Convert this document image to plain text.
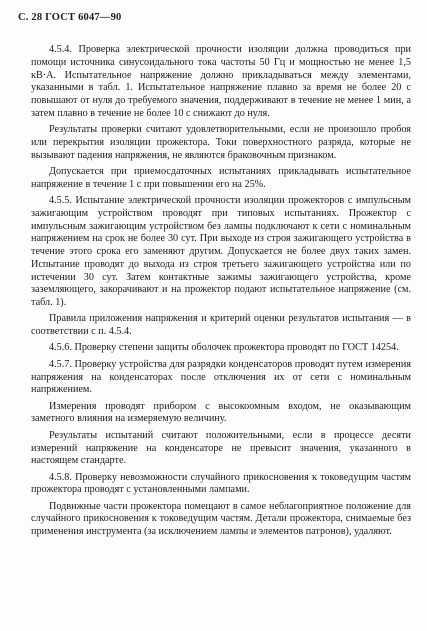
С. 28 ГОСТ 6047—90

4.5.4. Проверка электрической прочности изоляции должна проводиться при помощи источника синусоидального тока частоты 50 Гц и мощностью не менее 1,5 кВ·А. Испытательное напряжение должно прикладываться между элементами, указанными в табл. 1. Испытательное напряжение плавно за время не более 20 с повышают от нуля до требуемого значения, поддерживают в течение не менее 1 мин, а затем плавно в течение не более 10 с снижают до нуля.

Результаты проверки считают удовлетворительными, если не произошло пробоя или перекрытия изоляции прожектора. Токи поверхностного разряда, которые не вызывают падения напряжения, не являются браковочным признаком.

Допускается при приемосдаточных испытаниях прикладывать испытательное напряжение в течение 1 с при повышении его на 25%.

4.5.5. Испытание электрической прочности изоляции прожекторов с импульсным зажигающим устройством проводят при типовых испытаниях. Прожектор с импульсным зажигающим устройством без лампы подключают к сети с номинальным напряжением на срок не более 30 сут. При выходе из строя зажигающего устройства в течение этого срока его заменяют другим. Допускается не более двух таких замен. Испытание проводят до выхода из строя третьего зажигающего устройства или по истечении 30 сут. Затем контактные зажимы зажигающего устройства, кроме заземляющего, закорачивают и на прожектор подают испытательное напряжение (см. табл. 1).

Правила приложения напряжения и критерий оценки результатов испытания — в соответствии с п. 4.5.4.

4.5.6. Проверку степени защиты оболочек прожектора проводят по ГОСТ 14254.

4.5.7. Проверку устройства для разрядки конденсаторов проводят путем измерения напряжения на конденсаторах после отключения их от сети с номинальным напряжением.

Измерения проводят прибором с высокоомным входом, не оказывающим заметного влияния на измеряемую величину.

Результаты испытаний считают положительными, если в процессе десяти измерений напряжение на конденсаторе не превысит значения, указанного в настоящем стандарте.

4.5.8. Проверку невозможности случайного прикосновения к токоведущим частям прожектора проводят с установленными лампами.

Подвижные части прожектора помещают в самое неблагоприятное положение для случайного прикосновения к токоведущим частям. Детали прожектора, снимаемые без применения инструмента (за исключением лампы и элементов патронов), удаляют.
